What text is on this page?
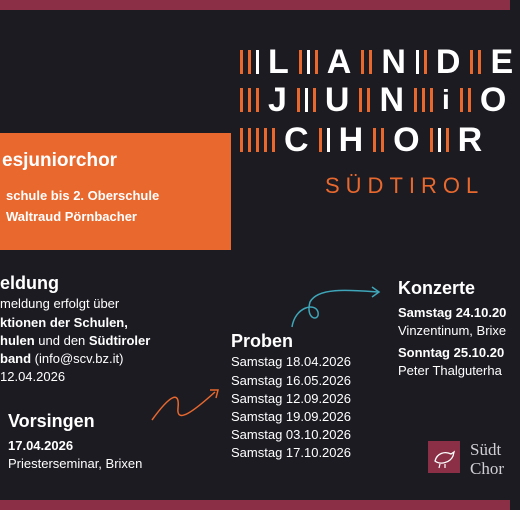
L A N D E
J U N i O
C H O R
SÜDTIROL
esjuniorchor
schule bis 2. Oberschule
Waltraud Pörnbacher
eldung
meldung erfolgt über
ktionen der Schulen,
hulen und den Südtiroler
band (info@scv.bz.it)
12.04.2026
Vorsingen
17.04.2026
Priesterseminar, Brixen
Proben
Samstag 18.04.2026
Samstag 16.05.2026
Samstag 12.09.2026
Samstag 19.09.2026
Samstag 03.10.2026
Samstag 17.10.2026
Konzerte
Samstag 24.10.20
Vinzentinum, Brixe
Sonntag 25.10.20
Peter Thalguterha
Südt
Chor
